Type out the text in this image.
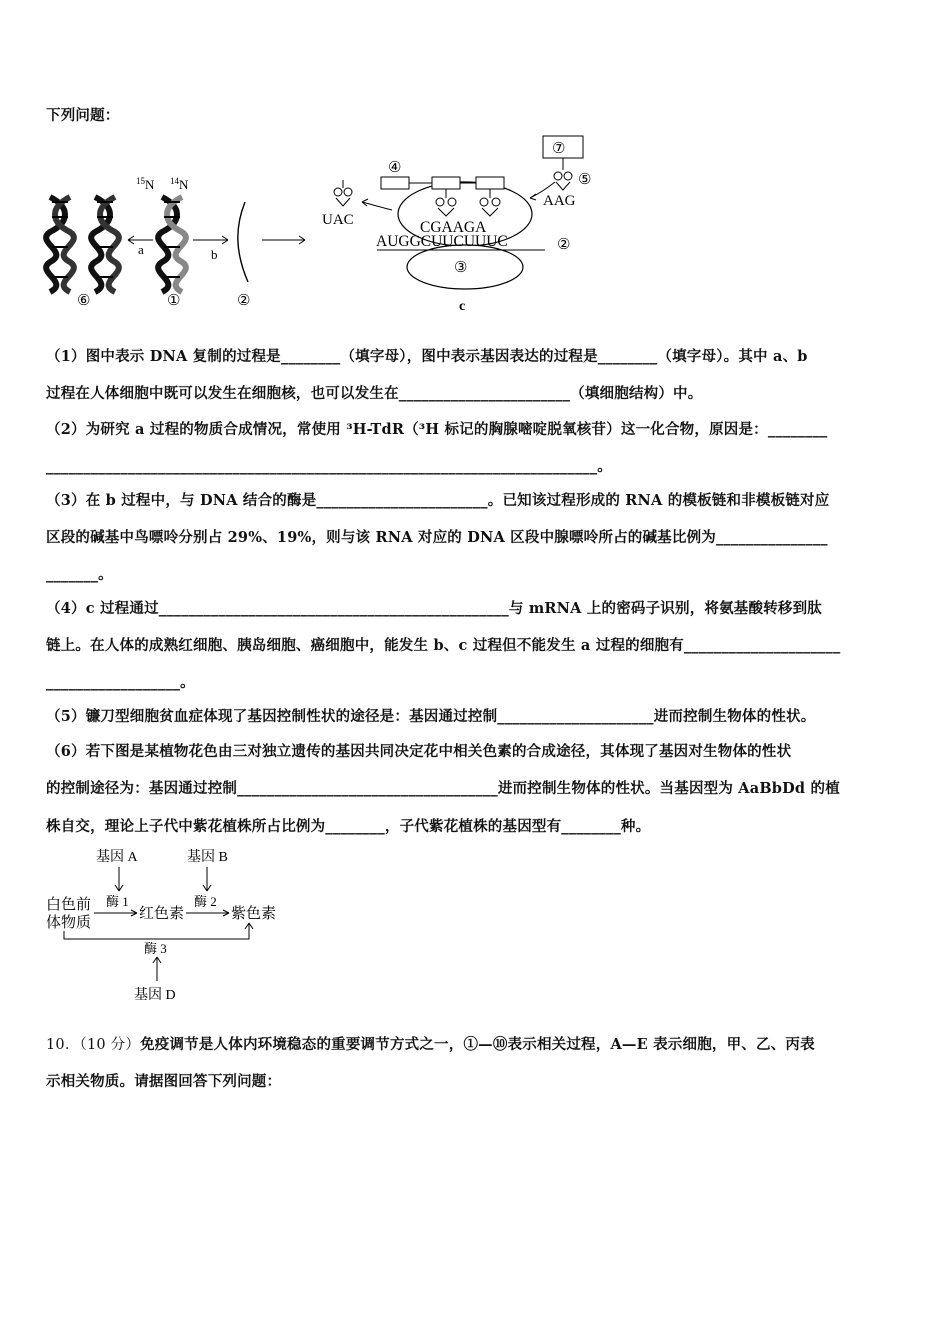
下列问题：
$^{15}$N $^{14}$N
a	b
⑥	①	②
AUGGCUUCUUUC	②
③
c
④
CGAAGA
UAC
⑦
⑤
AAG
（1）图中表示 DNA 复制的过程是________（填字母），图中表示基因表达的过程是________（填字母）。其中 a、b
过程在人体细胞中既可以发生在细胞核，也可以发生在_______________________（填细胞结构）中。
（2）为研究 a 过程的物质合成情况，常使用 ³H-TdR（³H 标记的胸腺嘧啶脱氧核苷）这一化合物，原因是：________
__________________________________________________________________________。
（3）在 b 过程中，与 DNA 结合的酶是_______________________。已知该过程形成的 RNA 的模板链和非模板链对应
区段的碱基中鸟嘌呤分别占 29%、19%，则与该 RNA 对应的 DNA 区段中腺嘌呤所占的碱基比例为_______________
_______。
（4）c 过程通过_______________________________________________与 mRNA 上的密码子识别，将氨基酸转移到肽
链上。在人体的成熟红细胞、胰岛细胞、癌细胞中，能发生 b、c 过程但不能发生 a 过程的细胞有_____________________
__________________。
（5）镰刀型细胞贫血症体现了基因控制性状的途径是：基因通过控制_____________________进而控制生物体的性状。
（6）若下图是某植物花色由三对独立遗传的基因共同决定花中相关色素的合成途径，其体现了基因对生物体的性状
的控制途径为：基因通过控制___________________________________进而控制生物体的性状。当基因型为 AaBbDd 的植
株自交，理论上子代中紫花植株所占比例为________，子代紫花植株的基因型有________种。
基因 A	基因 B
白色前
体物质
酶 1
红色素
酶 2
紫色素
酶 3
基因 D
10．（10 分）免疫调节是人体内环境稳态的重要调节方式之一，①—⑩表示相关过程，A—E 表示细胞，甲、乙、丙表
示相关物质。请据图回答下列问题：
